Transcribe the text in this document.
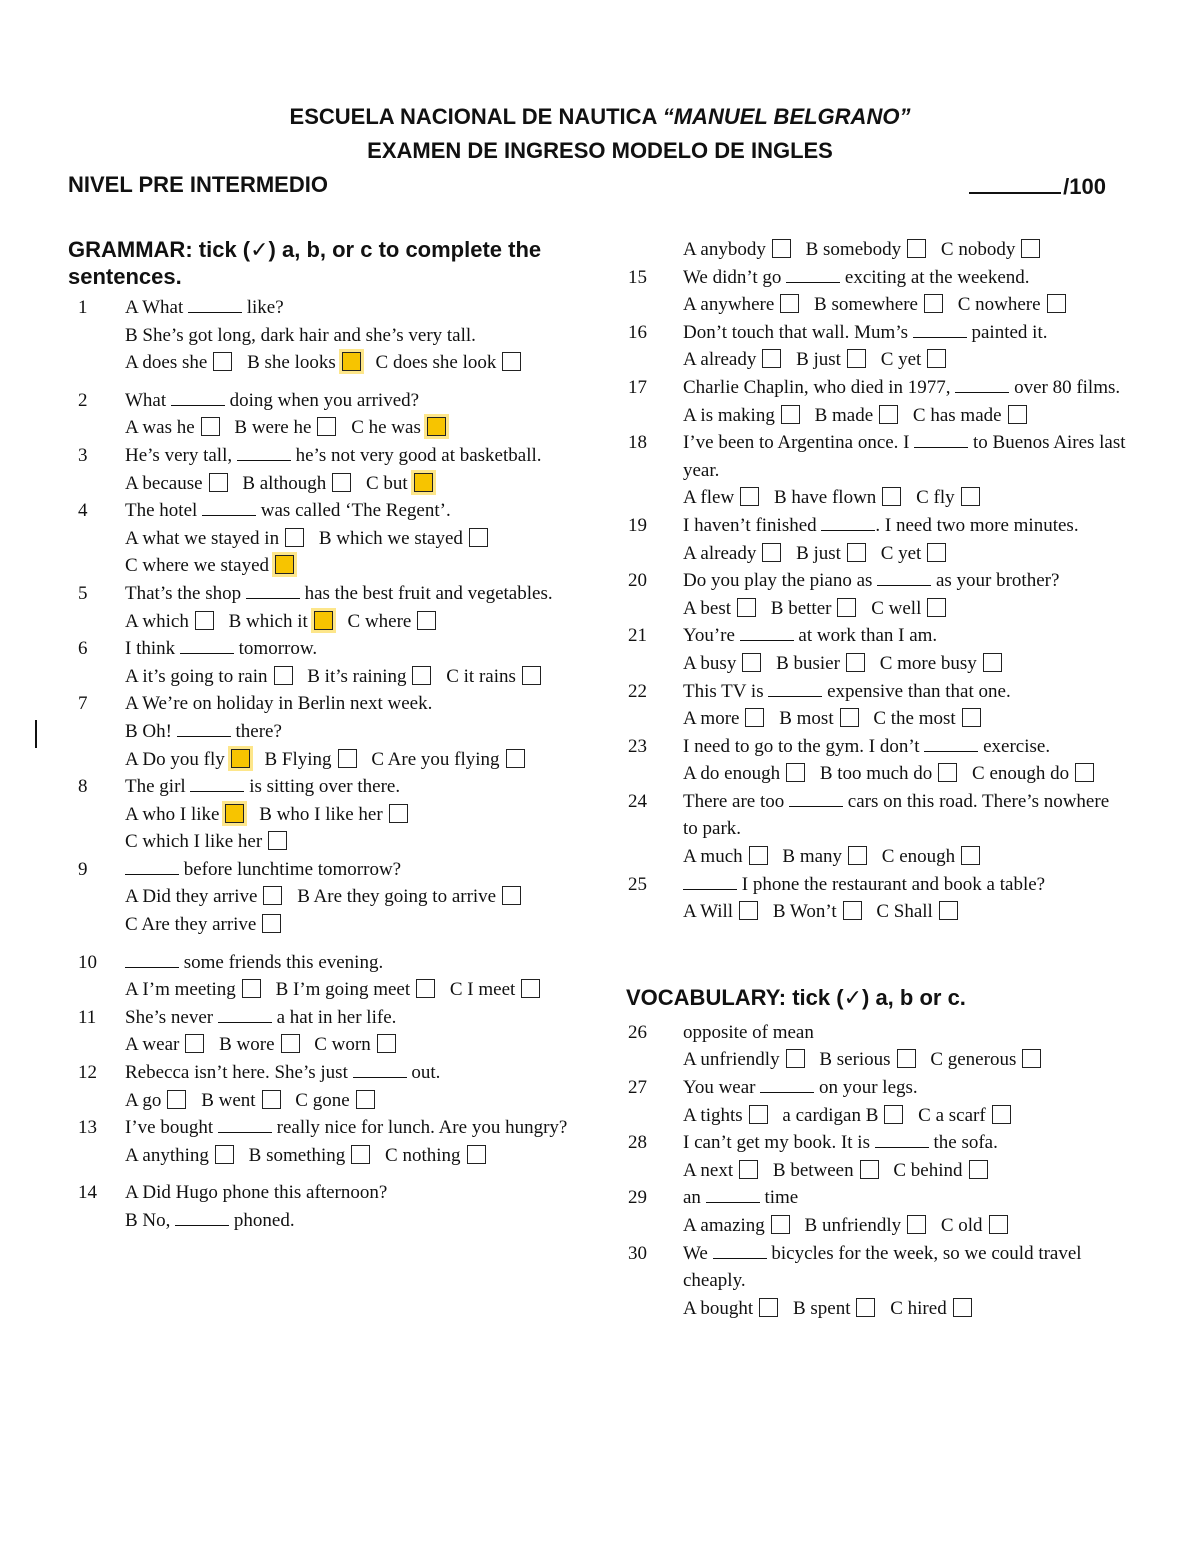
ESCUELA NACIONAL DE NAUTICA “MANUEL BELGRANO”
EXAMEN DE INGRESO MODELO DE INGLES
NIVEL PRE INTERMEDIO	/100
GRAMMAR: tick (✓) a, b, or c to complete the sentences.
1	A What	like?
B She’s got long, dark hair and she’s very tall.
A does she B she looks C does she look
2	What	doing when you arrived?
A was he B were he C he was
3	He’s very tall,	he’s not very good at basketball.
A because B although C but
4	The hotel	was called ‘The Regent’.
A what we stayed in B which we stayed C where we stayed
5	That’s the shop	has the best fruit and vegetables.
A which B which it C where
6	I think	tomorrow.
A it’s going to rain B it’s raining C it rains
7	A We’re on holiday in Berlin next week.
B Oh!	there?
A Do you fly B Flying C Are you flying
8	The girl	is sitting over there.
A who I like B who I like her C which I like her
9	before lunchtime tomorrow?
A Did they arrive B Are they going to arrive C Are they arrive
10	some friends this evening.
A I’m meeting B I’m going meet C I meet
11	She’s never	a hat in her life.
A wear B wore C worn
12	Rebecca isn’t here. She’s just	out.
A go B went C gone
13	I’ve bought	really nice for lunch. Are you hungry?
A anything B something C nothing
14	A Did Hugo phone this afternoon?
B No,	phoned.
A anybody B somebody C nobody
15	We didn’t go	exciting at the weekend.
A anywhere B somewhere C nowhere
16	Don’t touch that wall. Mum’s	painted it.
A already B just C yet
17	Charlie Chaplin, who died in 1977,	over 80 films.
A is making B made C has made
18	I’ve been to Argentina once. I	to Buenos Aires last year.
A flew B have flown C fly
19	I haven’t finished	. I need two more minutes.
A already B just C yet
20	Do you play the piano as	as your brother?
A best B better C well
21	You’re	at work than I am.
A busy B busier C more busy
22	This TV is	expensive than that one.
A more B most C the most
23	I need to go to the gym. I don’t	exercise.
A do enough B too much do C enough do
24	There are too	cars on this road. There’s nowhere to park.
A much B many C enough
25	I phone the restaurant and book a table?
A Will B Won’t C Shall
VOCABULARY: tick (✓) a, b or c.
26	opposite of mean
A unfriendly B serious C generous
27	You wear	on your legs.
A tights a cardigan B C a scarf
28	I can’t get my book. It is	the sofa.
A next B between C behind
29	an	time
A amazing B unfriendly C old
30	We	bicycles for the week, so we could travel cheaply.
A bought B spent C hired
